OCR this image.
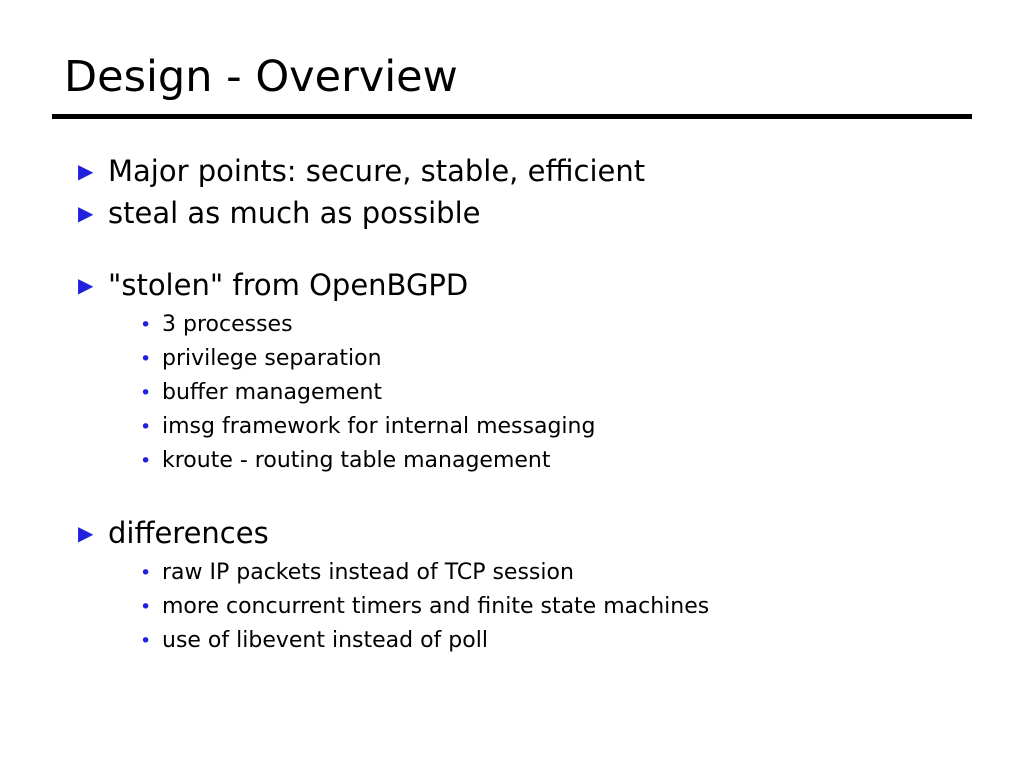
Design - Overview
▶ Major points: secure, stable, efficient
▶ steal as much as possible
▶ "stolen" from OpenBGPD
• 3 processes
• privilege separation
• buffer management
• imsg framework for internal messaging
• kroute - routing table management
▶ differences
• raw IP packets instead of TCP session
• more concurrent timers and finite state machines
• use of libevent instead of poll
